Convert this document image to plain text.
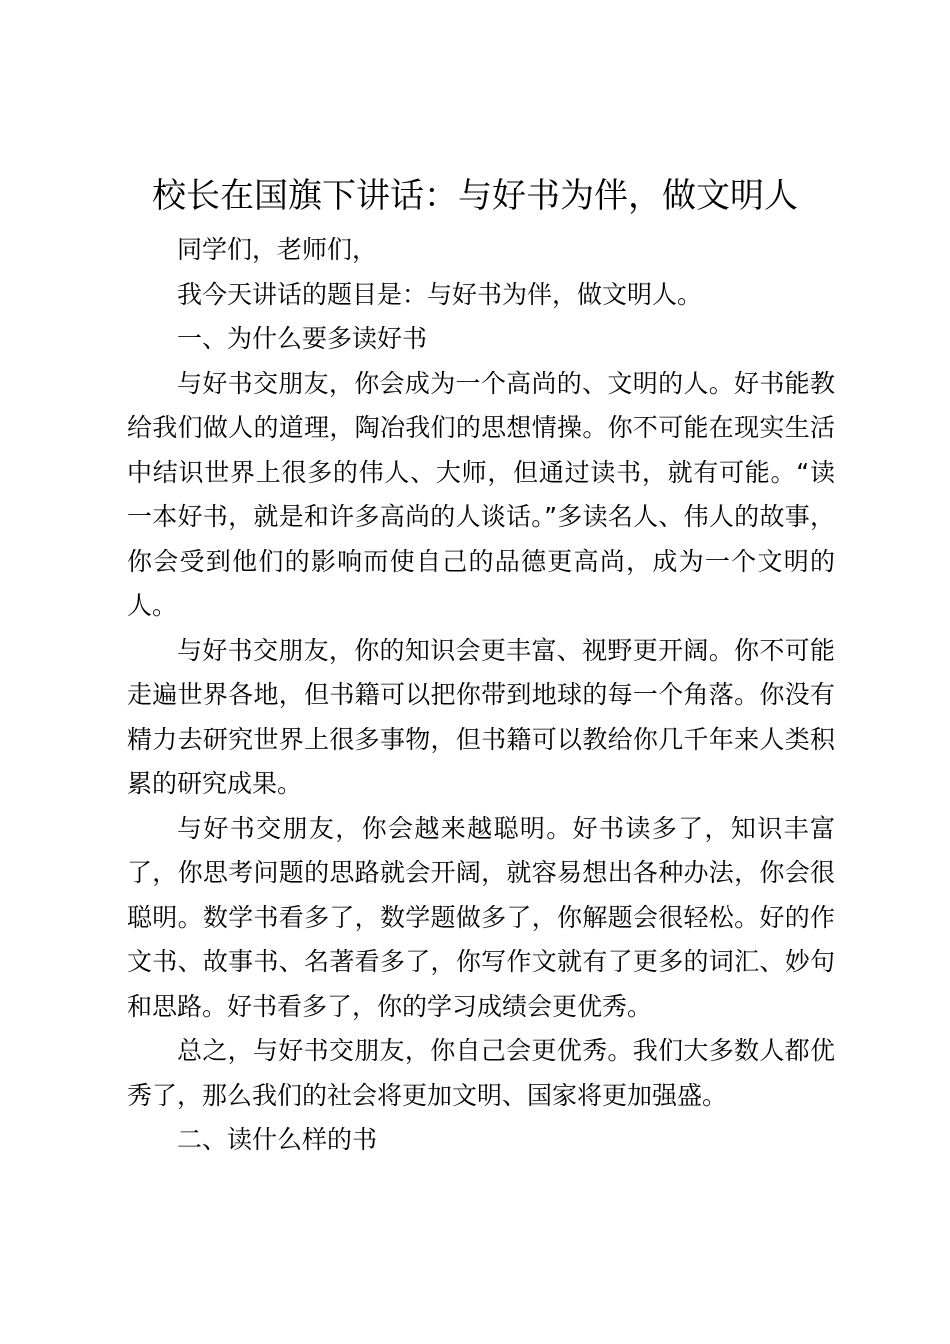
校长在国旗下讲话：与好书为伴，做文明人

同学们，老师们，

我今天讲话的题目是：与好书为伴，做文明人。

一、为什么要多读好书

与好书交朋友，你会成为一个高尚的、文明的人。好书能教给我们做人的道理，陶冶我们的思想情操。你不可能在现实生活中结识世界上很多的伟人、大师，但通过读书，就有可能。“读一本好书，就是和许多高尚的人谈话。”多读名人、伟人的故事，你会受到他们的影响而使自己的品德更高尚，成为一个文明的人。

与好书交朋友，你的知识会更丰富、视野更开阔。你不可能走遍世界各地，但书籍可以把你带到地球的每一个角落。你没有精力去研究世界上很多事物，但书籍可以教给你几千年来人类积累的研究成果。

与好书交朋友，你会越来越聪明。好书读多了，知识丰富了，你思考问题的思路就会开阔，就容易想出各种办法，你会很聪明。数学书看多了，数学题做多了，你解题会很轻松。好的作文书、故事书、名著看多了，你写作文就有了更多的词汇、妙句和思路。好书看多了，你的学习成绩会更优秀。

总之，与好书交朋友，你自己会更优秀。我们大多数人都优秀了，那么我们的社会将更加文明、国家将更加强盛。

二、读什么样的书
